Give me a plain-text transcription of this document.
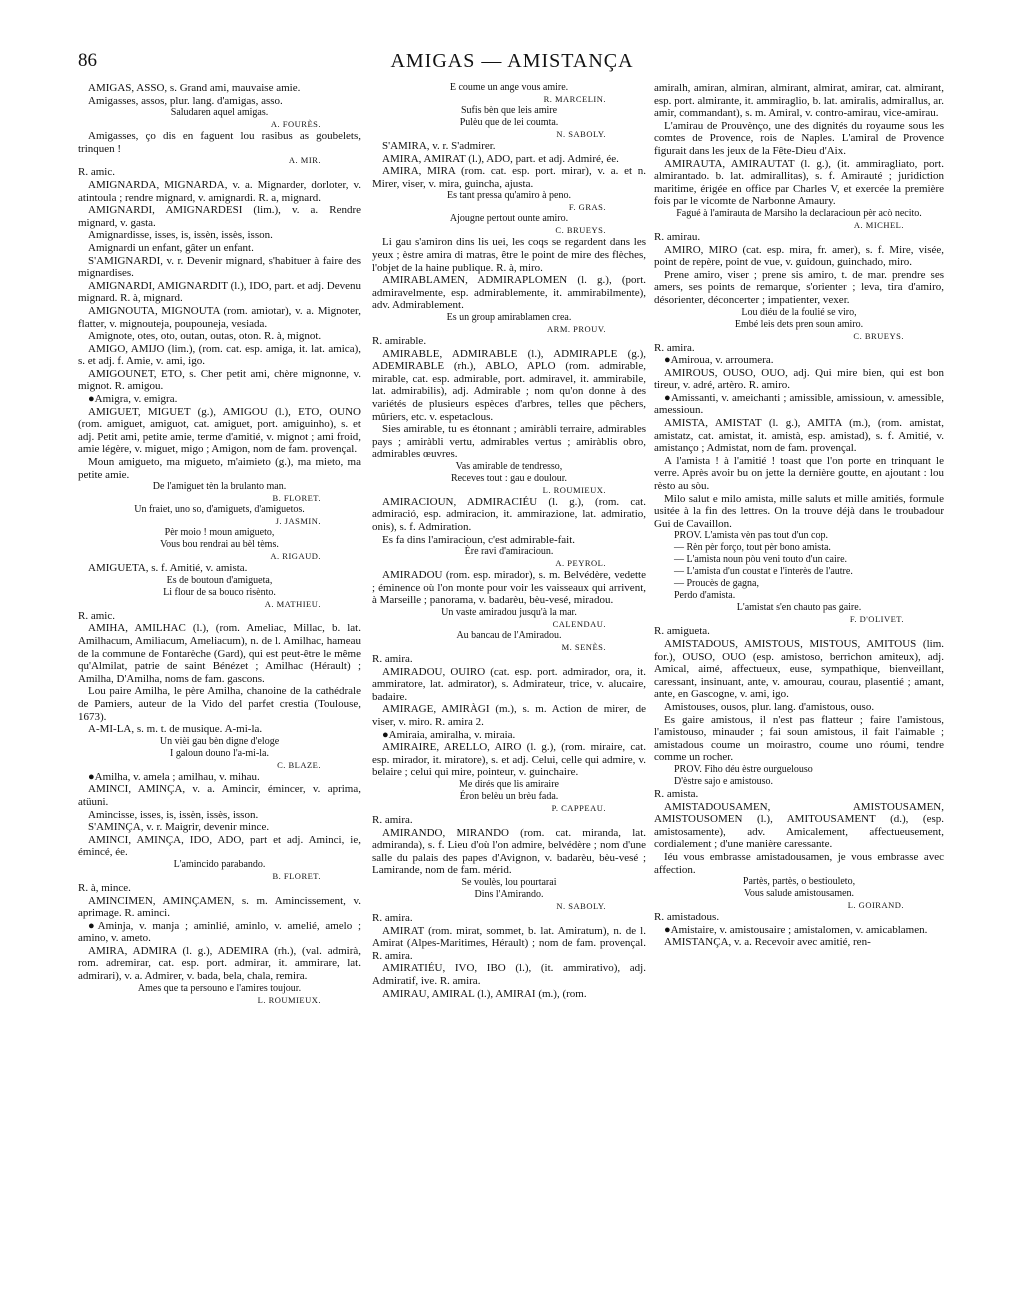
86	AMIGAS — AMISTANÇA

AMIGAS, ASSO, s. Grand ami, mauvaise amie.

Amigasses, assos, plur. lang. d'amigas, asso.

Saludaren aquel amigas.

A. FOURÈS.

Amigasses, ço dis en faguent lou rasibus as goubelets, trinquen !

A. MIR.

R. amic.

AMIGNARDA, MIGNARDA, v. a. Mignarder, dorloter, v. atintoula ; rendre mignard, v. amignardi. R. a, mignard.

AMIGNARDI, AMIGNARDESI (lim.), v. a. Rendre mignard, v. gasta.

Amignardisse, isses, is, issèn, issès, isson.

Amignardi un enfant, gâter un enfant.

S'AMIGNARDI, v. r. Devenir mignard, s'habituer à faire des mignardises.

AMIGNARDI, AMIGNARDIT (l.), IDO, part. et adj. Devenu mignard. R. à, mignard.

AMIGNOUTA, MIGNOUTA (rom. amiotar), v. a. Mignoter, flatter, v. mignouteja, poupouneja, vesiada.

Amignote, otes, oto, outan, outas, oton. R. à, mignot.

AMIGO, AMIJO (lim.), (rom. cat. esp. amiga, it. lat. amica), s. et adj. f. Amie, v. ami, igo.

AMIGOUNET, ETO, s. Cher petit ami, chère mignonne, v. mignot. R. amigou.

●Amigra, v. emigra.

AMIGUET, MIGUET (g.), AMIGOU (l.), ETO, OUNO (rom. amiguet, amiguot, cat. amiguet, port. amiguinho), s. et adj. Petit ami, petite amie, terme d'amitié, v. mignot ; ami froid, amie légère, v. miguet, migo ; Amigon, nom de fam. provençal.

Moun amigueto, ma migueto, m'aimieto (g.), ma mieto, ma petite amie.

De l'amiguet tèn la brulanto man.

B. FLORET.

Un fraiet, uno so, d'amiguets, d'amiguetos.

J. JASMIN.

Pèr moio ! moun amigueto,

Vous bou rendrai au bèl tèms.

A. RIGAUD.

AMIGUETA, s. f. Amitié, v. amista.

Es de boutoun d'amigueta,

Li flour de sa bouco risènto.

A. MATHIEU.

R. amic.

AMIHA, AMILHAC (l.), (rom. Ameliac, Millac, b. lat. Amilhacum, Amiliacum, Ameliacum), n. de l. Amilhac, hameau de la commune de Fontarèche (Gard), qui est peut-être le même qu'Almilat, patrie de saint Bénézet ; Amilhac (Hérault) ; Amilha, D'Amilha, noms de fam. gascons.

Lou paire Amilha, le père Amilha, chanoine de la cathédrale de Pamiers, auteur de la Vido del parfet crestia (Toulouse, 1673).

A-MI-LA, s. m. t. de musique. A-mi-la.

Un vièi gau bèn digne d'eloge

I galoun douno l'a-mi-la.

C. BLAZE.

●Amilha, v. amela ; amilhau, v. mihau.

AMINCI, AMINÇA, v. a. Amincir, émincer, v. aprima, atüuni.

Amincisse, isses, is, issèn, issès, isson.

S'AMINÇA, v. r. Maigrir, devenir mince.

AMINCI, AMINÇA, IDO, ADO, part et adj. Aminci, ie, émincé, ée.

L'amincido parabando.

B. FLORET.

R. à, mince.

AMINCIMEN, AMINÇAMEN, s. m. Amincissement, v. aprimage. R. aminci.

●Aminja, v. manja ; aminlié, aminlo, v. amelié, amelo ; amino, v. ameto.

AMIRA, ADMIRA (l. g.), ADEMIRA (rh.), (val. admirà, rom. adremirar, cat. esp. port. admirar, it. ammirare, lat. admirari), v. a. Admirer, v. bada, bela, chala, remira.

Ames que ta persouno e l'amires toujour.

L. ROUMIEUX.

E coume un ange vous amire.

R. MARCELIN.

Sufis bèn que leis amire

Pulèu que de lei coumta.

N. SABOLY.

S'AMIRA, v. r. S'admirer.

AMIRA, AMIRAT (l.), ADO, part. et adj. Admiré, ée.

AMIRA, MIRA (rom. cat. esp. port. mirar), v. a. et n. Mirer, viser, v. mira, guincha, ajusta.

Es tant pressa qu'amiro à peno.

F. GRAS.

Ajougne pertout ounte amiro.

C. BRUEYS.

Li gau s'amiron dins lis uei, les coqs se regardent dans les yeux ; èstre amira di matras, être le point de mire des flèches, l'objet de la haine publique. R. à, miro.

AMIRABLAMEN, ADMIRAPLOMEN (l. g.), (port. admiravelmente, esp. admirablemente, it. ammirabilmente), adv. Admirablement.

Es un group amirablamen crea.

ARM. PROUV.

R. amirable.

AMIRABLE, ADMIRABLE (l.), ADMIRAPLE (g.), ADEMIRABLE (rh.), ABLO, APLO (rom. admirable, mirable, cat. esp. admirable, port. admiravel, it. ammirabile, lat. admirabilis), adj. Admirable ; nom qu'on donne à des variétés de plusieurs espèces d'arbres, telles que pêchers, mûriers, etc. v. espetaclous.

Sies amirable, tu es étonnant ; amiràbli terraire, admirables pays ; amiràbli vertu, admirables vertus ; amiràblis obro, admirables œuvres.

Vas amirable de tendresso,

Receves tout : gau e doulour.

L. ROUMIEUX.

AMIRACIOUN, ADMIRACIÉU (l. g.), (rom. cat. admiració, esp. admiracion, it. ammirazione, lat. admiratio, onis), s. f. Admiration.

Es fa dins l'amiracioun, c'est admirable-fait.

Ère ravi d'amiracioun.

A. PEYROL.

AMIRADOU (rom. esp. mirador), s. m. Belvédère, vedette ; éminence où l'on monte pour voir les vaisseaux qui arrivent, à Marseille ; panorama, v. badarèu, bèu-vesé, miradou.

Un vaste amiradou jusqu'à la mar.

CALENDAU.

Au bancau de l'Amiradou.

M. SENÈS.

R. amira.

AMIRADOU, OUIRO (cat. esp. port. admirador, ora, it. ammiratore, lat. admirator), s. Admirateur, trice, v. alucaire, badaire.

AMIRAGE, AMIRÀGI (m.), s. m. Action de mirer, de viser, v. miro. R. amira 2.

●Amiraia, amiralha, v. miraia.

AMIRAIRE, ARELLO, AIRO (l. g.), (rom. miraire, cat. esp. mirador, it. miratore), s. et adj. Celui, celle qui admire, v. belaire ; celui qui mire, pointeur, v. guinchaire.

Me dirés que lis amiraire

Éron belèu un brèu fada.

P. CAPPEAU.

R. amira.

AMIRANDO, MIRANDO (rom. cat. miranda, lat. admiranda), s. f. Lieu d'où l'on admire, belvédère ; nom d'une salle du palais des papes d'Avignon, v. badarèu, bèu-vesé ; Lamirande, nom de fam. mérid.

Se voulès, lou pourtarai

Dins l'Amirando.

N. SABOLY.

R. amira.

AMIRAT (rom. mirat, sommet, b. lat. Amiratum), n. de l. Amirat (Alpes-Maritimes, Hérault) ; nom de fam. provençal. R. amira.

AMIRATIÉU, IVO, IBO (l.), (it. ammirativo), adj. Admiratif, ive. R. amira.

AMIRAU, AMIRAL (l.), AMIRAI (m.), (rom.

amiralh, amiran, almiran, almirant, almirat, amirar, cat. almirant, esp. port. almirante, it. ammiraglio, b. lat. amiralis, admirallus, ar. amir, commandant), s. m. Amiral, v. contro-amirau, vice-amirau.

L'amirau de Prouvènço, une des dignités du royaume sous les comtes de Provence, rois de Naples. L'amiral de Provence figurait dans les jeux de la Fête-Dieu d'Aix.

AMIRAUTA, AMIRAUTAT (l. g.), (it. ammiragliato, port. almirantado. b. lat. admirallitas), s. f. Amirauté ; juridiction maritime, érigée en office par Charles V, et exercée la première fois par le vicomte de Narbonne Amaury.

Fagué à l'amirauta de Marsiho la declaracioun pèr acò necito.

A. MICHEL.

R. amirau.

AMIRO, MIRO (cat. esp. mira, fr. amer), s. f. Mire, visée, point de repère, point de vue, v. guidoun, guinchado, miro.

Prene amiro, viser ; prene sis amiro, t. de mar. prendre ses amers, ses points de remarque, s'orienter ; leva, tira d'amiro, désorienter, déconcerter ; impatienter, vexer.

Lou diéu de la foulié se viro,

Embé leis dets pren soun amiro.

C. BRUEYS.

R. amira.

●Amiroua, v. arroumera.

AMIROUS, OUSO, OUO, adj. Qui mire bien, qui est bon tireur, v. adré, artèro. R. amiro.

●Amissanti, v. ameichanti ; amissible, amissioun, v. amessible, amessioun.

AMISTA, AMISTAT (l. g.), AMITA (m.), (rom. amistat, amistatz, cat. amistat, it. amistà, esp. amistad), s. f. Amitié, v. amistanço ; Admistat, nom de fam. provençal.

A l'amista ! à l'amitié ! toast que l'on porte en trinquant le verre. Après avoir bu on jette la dernière goutte, en ajoutant : lou rèsto au sòu.

Milo salut e milo amista, mille saluts et mille amitiés, formule usitée à la fin des lettres. On la trouve déjà dans le troubadour Gui de Cavaillon.

PROV. L'amista vèn pas tout d'un cop.

— Rèn pèr forço, tout pèr bono amista.

— L'amista noun pòu veni touto d'un caire.

— L'amista d'un coustat e l'interès de l'autre.

— Proucès de gagna,

Perdo d'amista.

L'amistat s'en chauto pas gaire.

F. D'OLIVET.

R. amigueta.

AMISTADOUS, AMISTOUS, MISTOUS, AMITOUS (lim. for.), OUSO, OUO (esp. amistoso, berrichon amiteux), adj. Amical, aimé, affectueux, euse, sympathique, bienveillant, caressant, insinuant, ante, v. amourau, courau, plasentié ; amant, ante, en Gascogne, v. ami, igo.

Amistouses, ousos, plur. lang. d'amistous, ouso.

Es gaire amistous, il n'est pas flatteur ; faire l'amistous, l'amistouso, minauder ; fai soun amistous, il fait l'aimable ; amistadous coume un moirastro, coume uno róumi, tendre comme un rocher.

PROV. Fiho déu èstre ourguelouso

D'èstre sajo e amistouso.

R. amista.

AMISTADOUSAMEN, AMISTOUSAMEN, AMISTOUSOMEN (l.), AMITOUSAMENT (d.), (esp. amistosamente), adv. Amicalement, affectueusement, cordialement ; d'une manière caressante.

Iéu vous embrasse amistadousamen, je vous embrasse avec affection.

Partès, partès, o bestiouleto,

Vous salude amistousamen.

L. GOIRAND.

R. amistadous.

●Amistaire, v. amistousaire ; amistalomen, v. amicablamen.

AMISTANÇA, v. a. Recevoir avec amitié, ren-
